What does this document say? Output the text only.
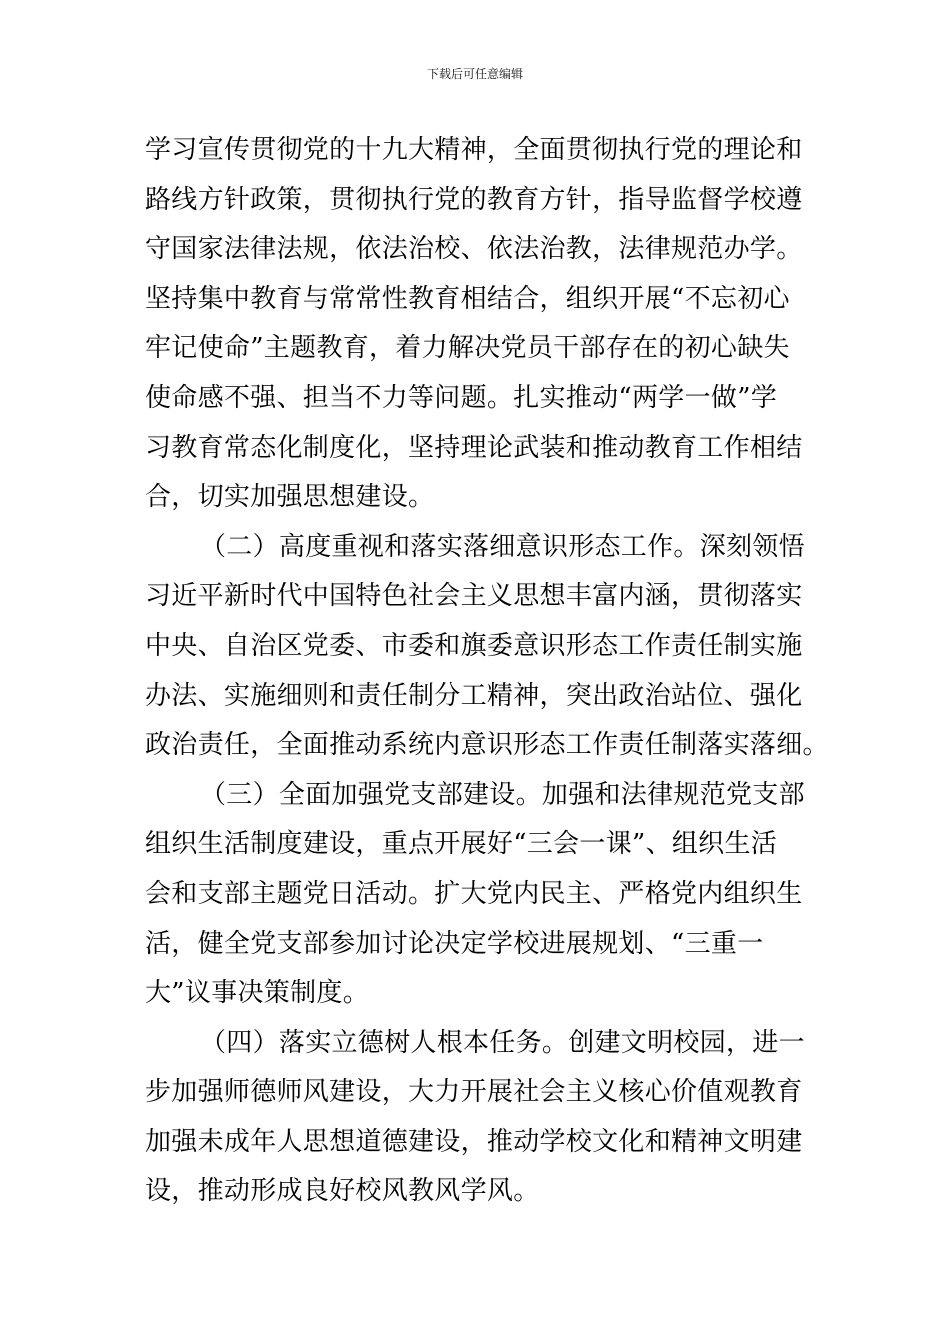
下载后可任意编辑
学习宣传贯彻党的十九大精神，全面贯彻执行党的理论和
路线方针政策，贯彻执行党的教育方针，指导监督学校遵
守国家法律法规，依法治校、依法治教，法律规范办学。
坚持集中教育与常常性教育相结合，组织开展“不忘初心
牢记使命”主题教育，着力解决党员干部存在的初心缺失
使命感不强、担当不力等问题。扎实推动“两学一做”学
习教育常态化制度化，坚持理论武装和推动教育工作相结
合，切实加强思想建设。
（二）高度重视和落实落细意识形态工作。深刻领悟
习近平新时代中国特色社会主义思想丰富内涵，贯彻落实
中央、自治区党委、市委和旗委意识形态工作责任制实施
办法、实施细则和责任制分工精神，突出政治站位、强化
政治责任，全面推动系统内意识形态工作责任制落实落细。
（三）全面加强党支部建设。加强和法律规范党支部
组织生活制度建设，重点开展好“三会一课”、组织生活
会和支部主题党日活动。扩大党内民主、严格党内组织生
活，健全党支部参加讨论决定学校进展规划、“三重一
大”议事决策制度。
（四）落实立德树人根本任务。创建文明校园，进一
步加强师德师风建设，大力开展社会主义核心价值观教育
加强未成年人思想道德建设，推动学校文化和精神文明建
设，推动形成良好校风教风学风。
